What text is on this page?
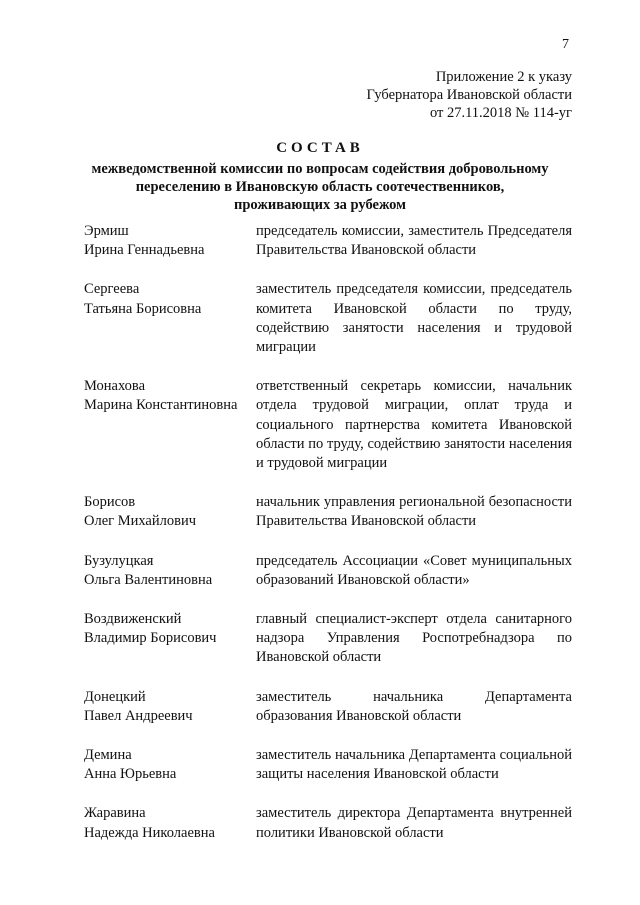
7
Приложение 2 к указу
Губернатора Ивановской области
от 27.11.2018 № 114-уг
СОСТАВ
межведомственной комиссии по вопросам содействия добровольному
переселению в Ивановскую область соотечественников,
проживающих за рубежом
Эрмиш
Ирина Геннадьевна
председатель комиссии, заместитель Председателя Правительства Ивановской области
Сергеева
Татьяна Борисовна
заместитель председателя комиссии, председатель комитета Ивановской области по труду, содействию занятости населения и трудовой миграции
Монахова
Марина Константиновна
ответственный секретарь комиссии, начальник отдела трудовой миграции, оплат труда и социального партнерства комитета Ивановской области по труду, содействию занятости населения и трудовой миграции
Борисов
Олег Михайлович
начальник управления региональной безопасности Правительства Ивановской области
Бузулуцкая
Ольга Валентиновна
председатель Ассоциации «Совет муниципальных образований Ивановской области»
Воздвиженский
Владимир Борисович
главный специалист-эксперт отдела санитарного надзора Управления Роспотребнадзора по Ивановской области
Донецкий
Павел Андреевич
заместитель начальника Департамента образования Ивановской области
Демина
Анна Юрьевна
заместитель начальника Департамента социальной защиты населения Ивановской области
Жаравина
Надежда Николаевна
заместитель директора Департамента внутренней политики Ивановской области
